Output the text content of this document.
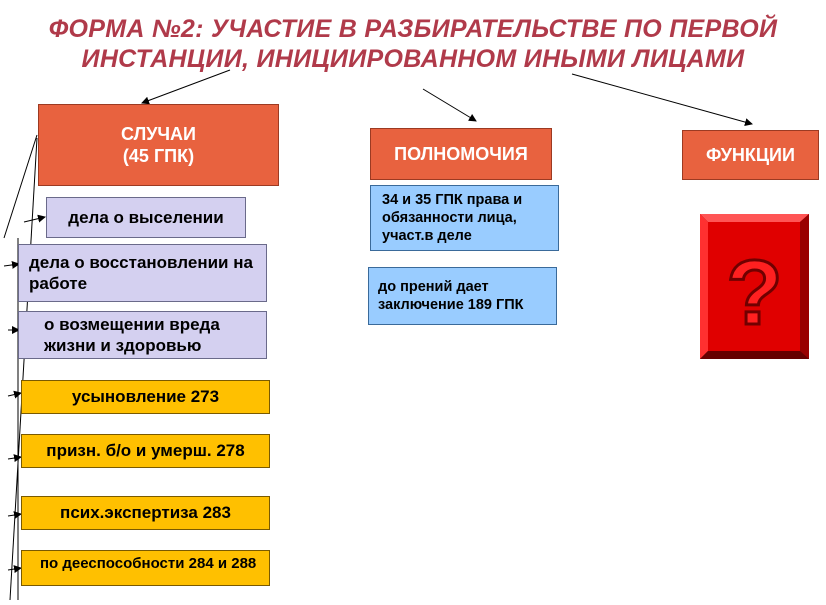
ФОРМА №2: УЧАСТИЕ В РАЗБИРАТЕЛЬСТВЕ ПО ПЕРВОЙ
ИНСТАНЦИИ, ИНИЦИИРОВАННОМ ИНЫМИ ЛИЦАМИ
СЛУЧАИ
(45 ГПК)	ПОЛНОМОЧИЯ	ФУНКЦИИ
дела о выселении
дела о восстановлении на работе
о возмещении вреда жизни и здоровью
усыновление 273
призн. б/о и умерш. 278
псих.экспертиза 283
по дееспособности 284 и 288
34 и 35 ГПК права и обязанности лица, участ.в деле
до прений дает заключение 189 ГПК ?
